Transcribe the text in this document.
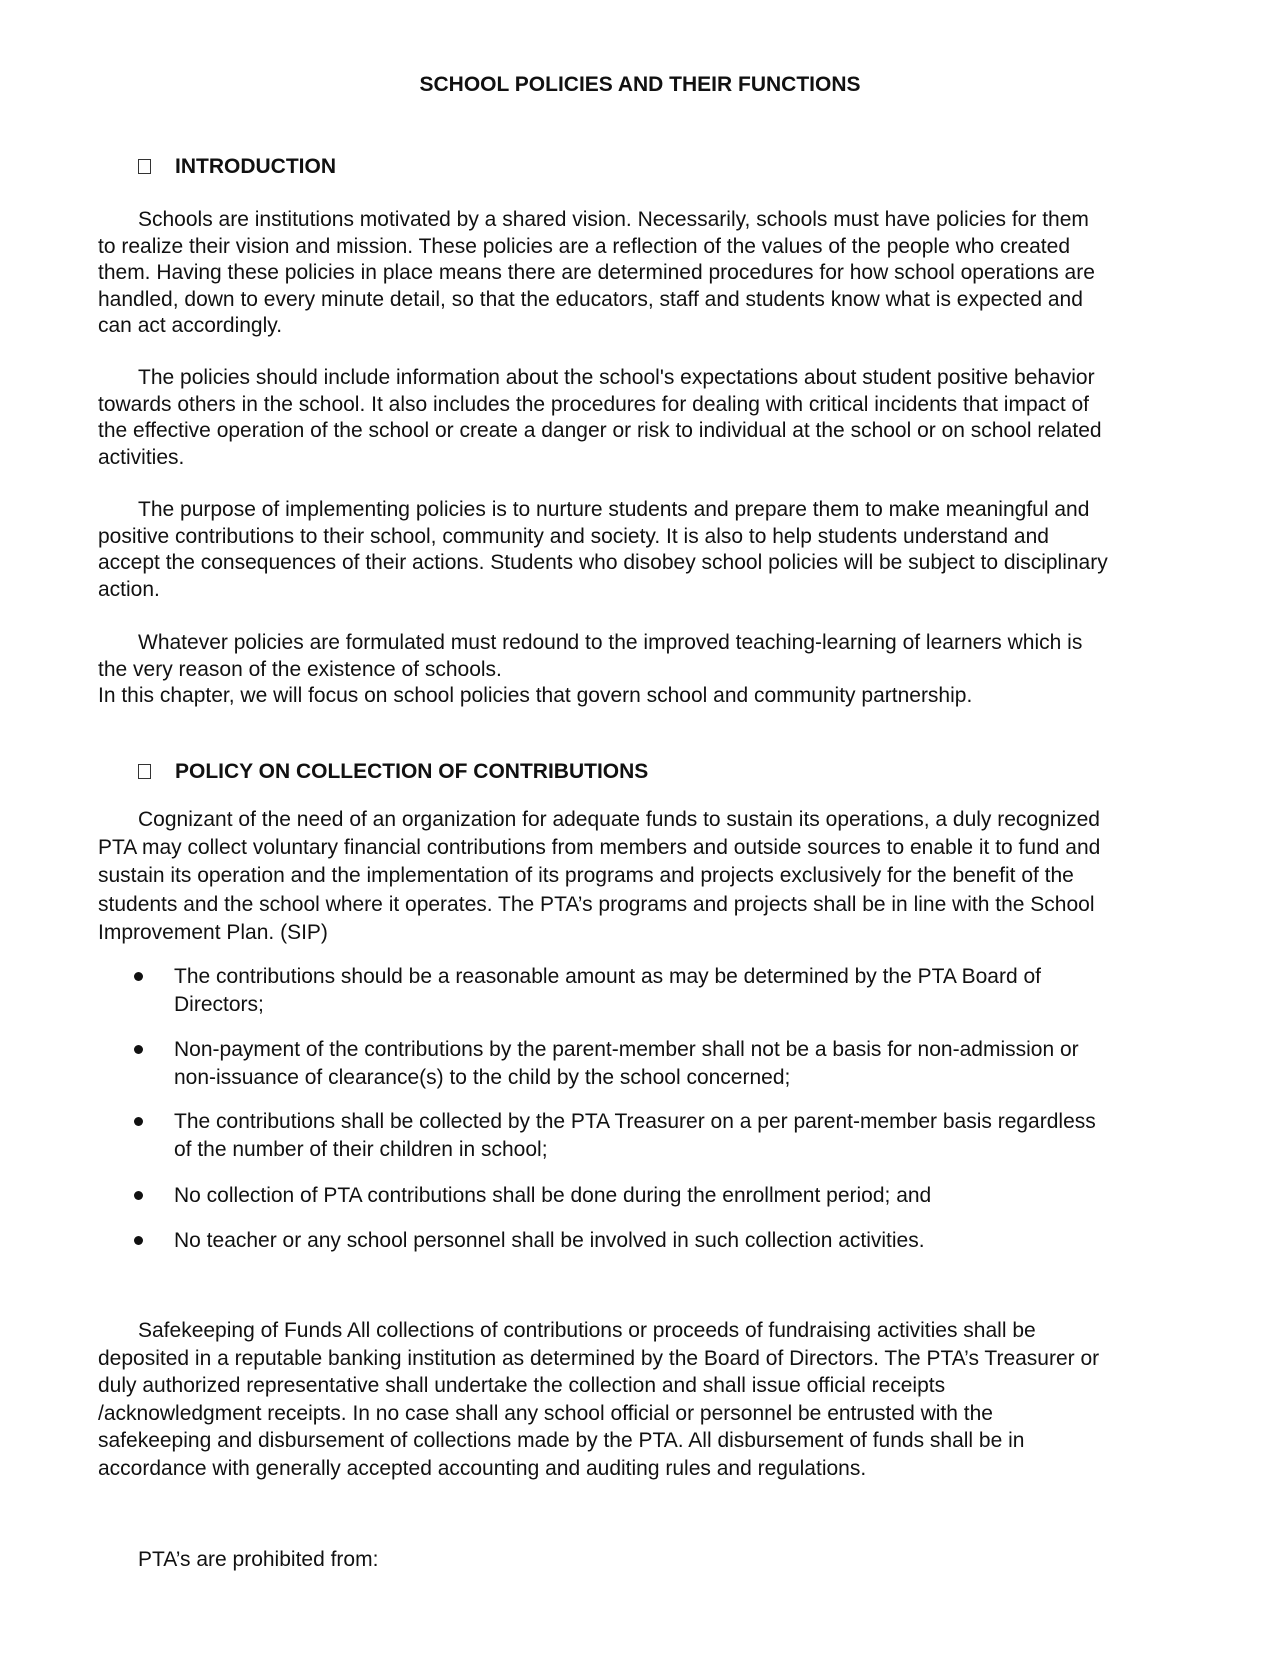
SCHOOL POLICIES AND THEIR FUNCTIONS
INTRODUCTION
Schools are institutions motivated by a shared vision. Necessarily, schools must have policies for them
to realize their vision and mission. These policies are a reflection of the values of the people who created
them. Having these policies in place means there are determined procedures for how school operations are
handled, down to every minute detail, so that the educators, staff and students know what is expected and
can act accordingly.
The policies should include information about the school's expectations about student positive behavior
towards others in the school. It also includes the procedures for dealing with critical incidents that impact of
the effective operation of the school or create a danger or risk to individual at the school or on school related
activities.
The purpose of implementing policies is to nurture students and prepare them to make meaningful and
positive contributions to their school, community and society. It is also to help students understand and
accept the consequences of their actions. Students who disobey school policies will be subject to disciplinary
action.
Whatever policies are formulated must redound to the improved teaching-learning of learners which is
the very reason of the existence of schools.
In this chapter, we will focus on school policies that govern school and community partnership.
POLICY ON COLLECTION OF CONTRIBUTIONS
Cognizant of the need of an organization for adequate funds to sustain its operations, a duly recognized
PTA may collect voluntary financial contributions from members and outside sources to enable it to fund and
sustain its operation and the implementation of its programs and projects exclusively for the benefit of the
students and the school where it operates. The PTA’s programs and projects shall be in line with the School
Improvement Plan. (SIP)
The contributions should be a reasonable amount as may be determined by the PTA Board of
Directors;
Non-payment of the contributions by the parent-member shall not be a basis for non-admission or
non-issuance of clearance(s) to the child by the school concerned;
The contributions shall be collected by the PTA Treasurer on a per parent-member basis regardless
of the number of their children in school;
No collection of PTA contributions shall be done during the enrollment period; and
No teacher or any school personnel shall be involved in such collection activities.
Safekeeping of Funds All collections of contributions or proceeds of fundraising activities shall be
deposited in a reputable banking institution as determined by the Board of Directors. The PTA’s Treasurer or
duly authorized representative shall undertake the collection and shall issue official receipts
/acknowledgment receipts. In no case shall any school official or personnel be entrusted with the
safekeeping and disbursement of collections made by the PTA. All disbursement of funds shall be in
accordance with generally accepted accounting and auditing rules and regulations.
PTA’s are prohibited from:
